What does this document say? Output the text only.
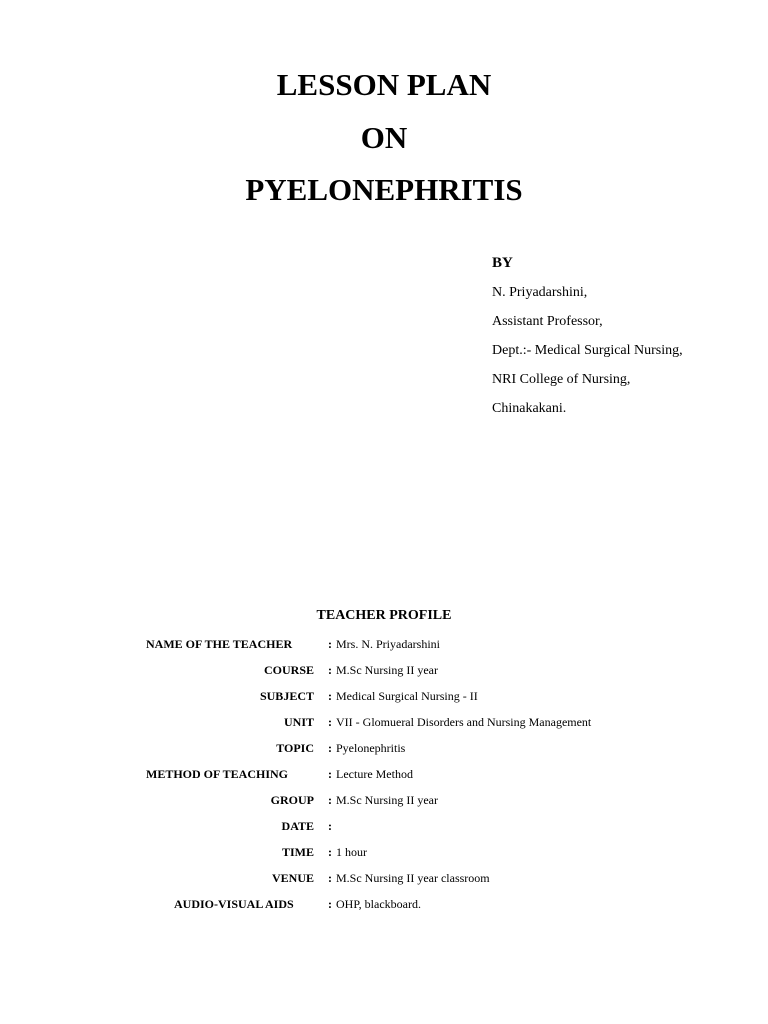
LESSON PLAN
ON
PYELONEPHRITIS
BY
N. Priyadarshini,
Assistant Professor,
Dept.:- Medical Surgical Nursing,
NRI College of Nursing,
Chinakakani.
TEACHER PROFILE
NAME OF THE TEACHER	: Mrs. N. Priyadarshini
COURSE : M.Sc Nursing II year
SUBJECT : Medical Surgical Nursing - II
UNIT : VII - Glomueral Disorders and Nursing Management
TOPIC : Pyelonephritis
METHOD OF TEACHING	: Lecture Method
GROUP : M.Sc Nursing II year
DATE :
TIME : 1 hour
VENUE : M.Sc Nursing II year classroom
AUDIO-VISUAL AIDS	: OHP, blackboard.
